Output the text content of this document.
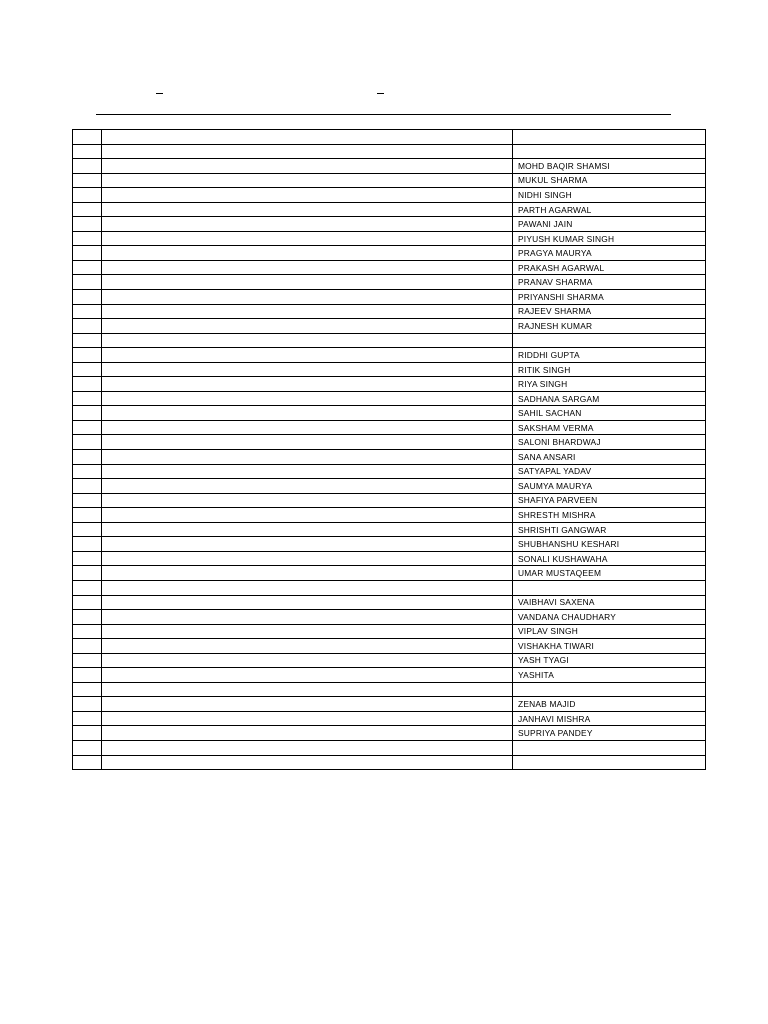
		MOHD BAQIR SHAMSI
		MUKUL SHARMA
		NIDHI SINGH
		PARTH AGARWAL
		PAWANI JAIN
		PIYUSH KUMAR SINGH
		PRAGYA MAURYA
		PRAKASH AGARWAL
		PRANAV SHARMA
		PRIYANSHI SHARMA
		RAJEEV SHARMA
		RAJNESH KUMAR

		RIDDHI GUPTA
		RITIK SINGH
		RIYA SINGH
		SADHANA SARGAM
		SAHIL SACHAN
		SAKSHAM VERMA
		SALONI BHARDWAJ
		SANA ANSARI
		SATYAPAL YADAV
		SAUMYA MAURYA
		SHAFIYA PARVEEN
		SHRESTH MISHRA
		SHRISHTI GANGWAR
		SHUBHANSHU KESHARI
		SONALI KUSHAWAHA
		UMAR MUSTAQEEM

		VAIBHAVI SAXENA
		VANDANA CHAUDHARY
		VIPLAV SINGH
		VISHAKHA TIWARI
		YASH TYAGI
		YASHITA

		ZENAB MAJID
		JANHAVI MISHRA
		SUPRIYA PANDEY
